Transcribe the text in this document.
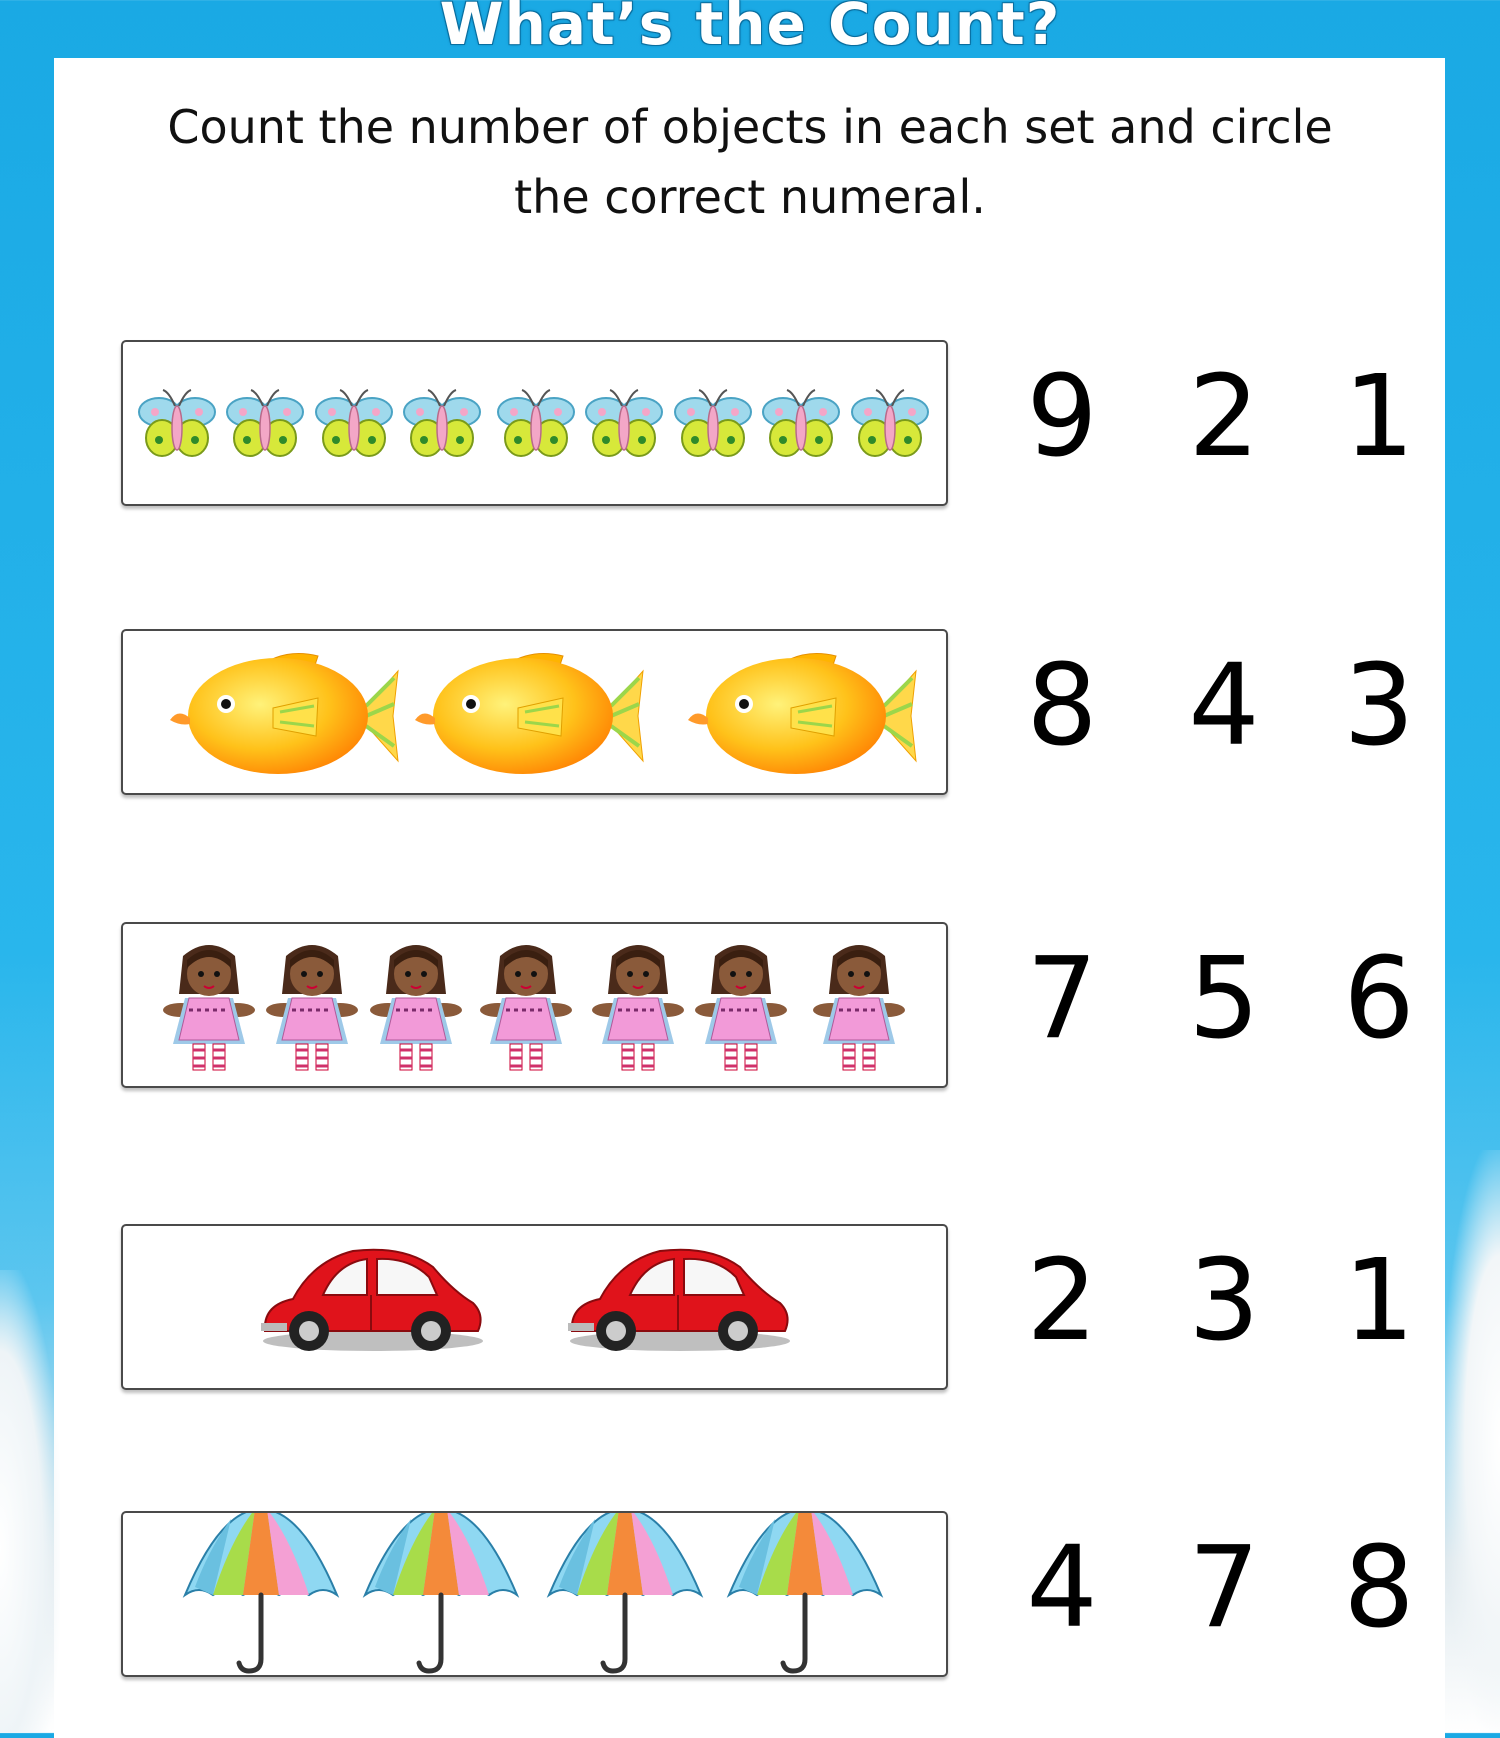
What’s the Count?
Count the number of objects in each set and circle
the correct numeral.
9 2 1
8 4 3
7 5 6
2 3 1
4 7 8
